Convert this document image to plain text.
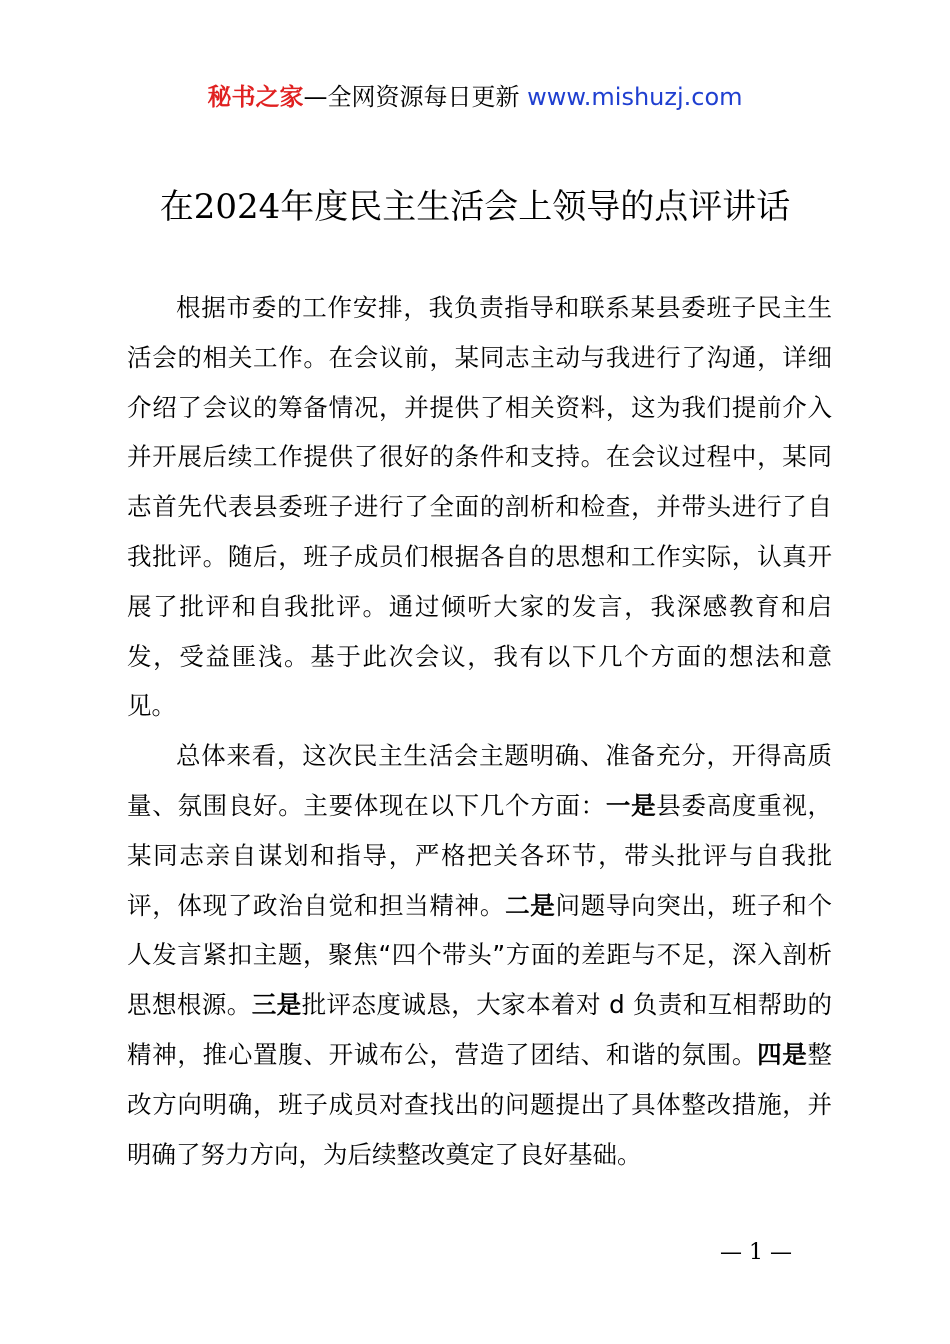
秘书之家—全网资源每日更新 www.mishuzj.com
在2024年度民主生活会上领导的点评讲话

根据市委的工作安排，我负责指导和联系某县委班子民主生活会的相关工作。在会议前，某同志主动与我进行了沟通，详细介绍了会议的筹备情况，并提供了相关资料，这为我们提前介入并开展后续工作提供了很好的条件和支持。在会议过程中，某同志首先代表县委班子进行了全面的剖析和检查，并带头进行了自我批评。随后，班子成员们根据各自的思想和工作实际，认真开展了批评和自我批评。通过倾听大家的发言，我深感教育和启发，受益匪浅。基于此次会议，我有以下几个方面的想法和意见。

总体来看，这次民主生活会主题明确、准备充分，开得高质量、氛围良好。主要体现在以下几个方面：一是县委高度重视，某同志亲自谋划和指导，严格把关各环节，带头批评与自我批评，体现了政治自觉和担当精神。二是问题导向突出，班子和个人发言紧扣主题，聚焦“四个带头”方面的差距与不足，深入剖析思想根源。三是批评态度诚恳，大家本着对 d 负责和互相帮助的精神，推心置腹、开诚布公，营造了团结、和谐的氛围。四是整改方向明确，班子成员对查找出的问题提出了具体整改措施，并明确了努力方向，为后续整改奠定了良好基础。

— 1 —
